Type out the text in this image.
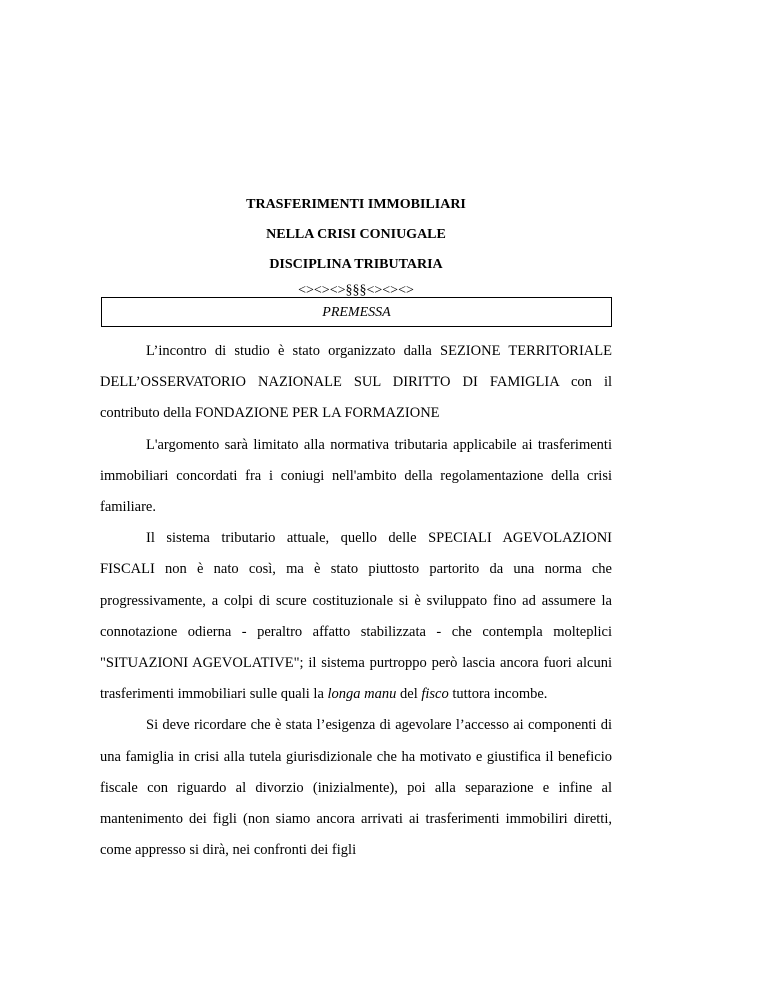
TRASFERIMENTI IMMOBILIARI
NELLA CRISI CONIUGALE
DISCIPLINA TRIBUTARIA
<><><>§§§<><><>
PREMESSA

L’incontro di studio è stato organizzato dalla SEZIONE TERRITORIALE DELL’OSSERVATORIO NAZIONALE SUL DIRITTO DI FAMIGLIA con il contributo della FONDAZIONE PER LA FORMAZIONE

L'argomento sarà limitato alla normativa tributaria applicabile ai trasferimenti immobiliari concordati fra i coniugi nell'ambito della regolamentazione della crisi familiare.

Il sistema tributario attuale, quello delle SPECIALI AGEVOLAZIONI FISCALI non è nato così, ma è stato piuttosto partorito da una norma che progressivamente, a colpi di scure costituzionale si è sviluppato fino ad assumere la connotazione odierna - peraltro affatto stabilizzata - che contempla molteplici "SITUAZIONI AGEVOLATIVE"; il sistema purtroppo però lascia ancora fuori alcuni trasferimenti immobiliari sulle quali la longa manu del fisco tuttora incombe.

Si deve ricordare che è stata l’esigenza di agevolare l’accesso ai componenti di una famiglia in crisi alla tutela giurisdizionale che ha motivato e giustifica il beneficio fiscale con riguardo al divorzio (inizialmente), poi alla separazione e infine al mantenimento dei figli (non siamo ancora arrivati ai trasferimenti immobiliri diretti, come appresso si dirà, nei confronti dei figli
